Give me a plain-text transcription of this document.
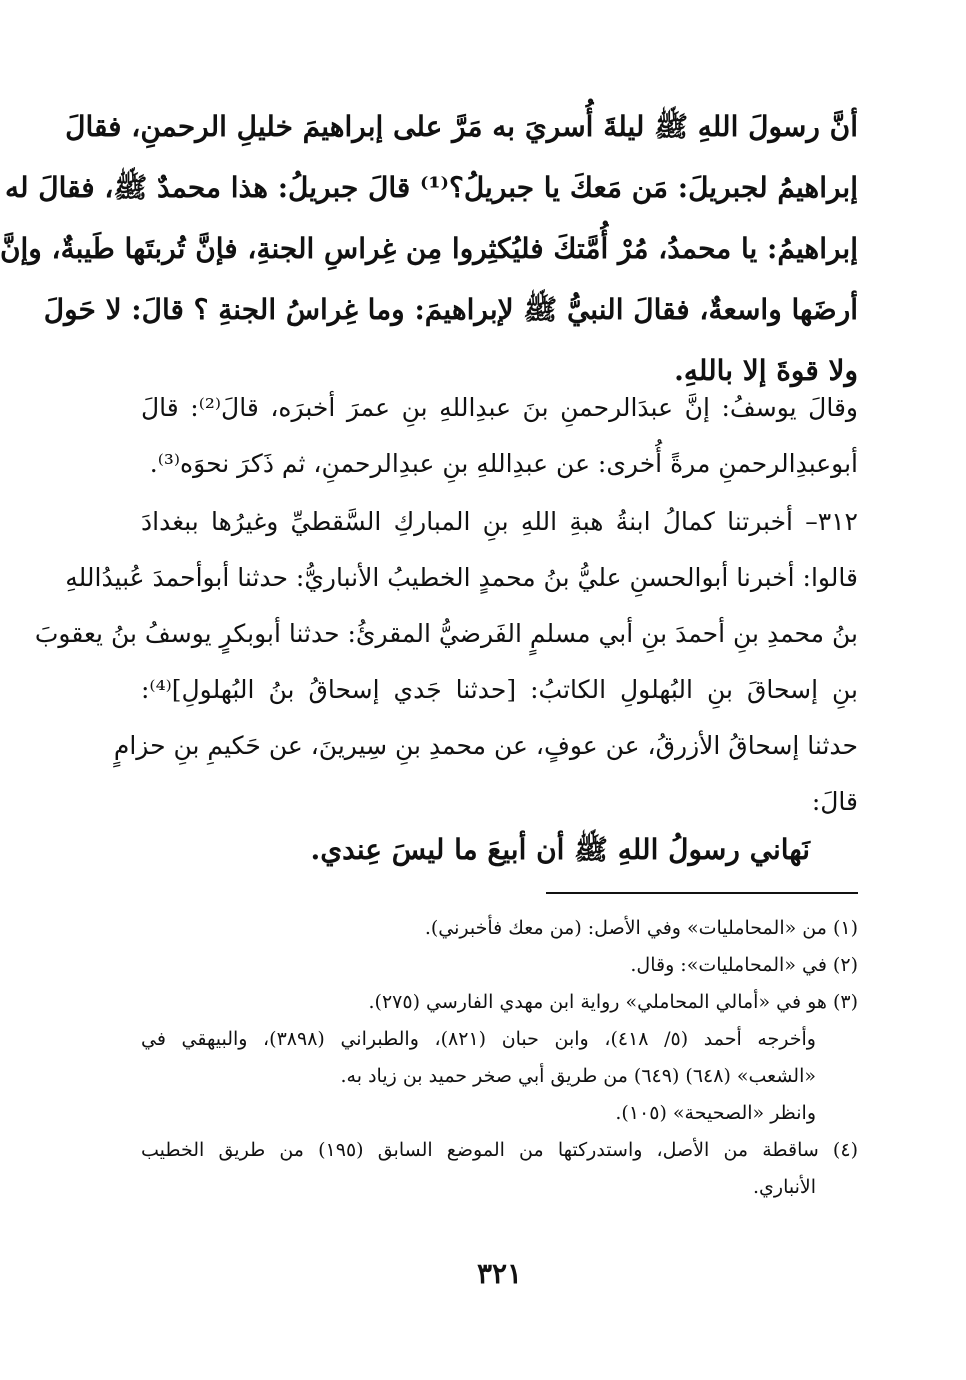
أنَّ رسولَ اللهِ ﷺ ليلةَ أُسريَ به مَرَّ على إبراهيمَ خليلِ الرحمنِ، فقالَ
إبراهيمُ لجبريلَ: مَن مَعكَ يا جبريلُ؟⁽¹⁾ قالَ جبريلُ: هذا محمدٌ ﷺ، فقالَ له
إبراهيمُ: يا محمدُ، مُرْ أُمَّتكَ فليُكثِروا مِن غِراسِ الجنةِ، فإنَّ تُربتَها طَيبةٌ، وإنَّ
أرضَها واسعةٌ، فقالَ النبيُّ ﷺ لإبراهيمَ: وما غِراسُ الجنةِ ؟ قالَ: لا حَولَ
ولا قوةَ إلا باللهِ.
وقالَ يوسفُ: إنَّ عبدَالرحمنِ بنَ عبدِاللهِ بنِ عمرَ أخبرَه، قالَ⁽²⁾: قالَ
أبوعبدِالرحمنِ مرةً أُخرى: عن عبدِاللهِ بنِ عبدِالرحمنِ، ثم ذَكرَ نحوَه⁽³⁾.
٣١٢– أخبرتنا كمالُ ابنةُ هبةِ اللهِ بنِ المباركِ السَّقطيِّ وغيرُها ببغدادَ
قالوا: أخبرنا أبوالحسنِ عليُّ بنُ محمدٍ الخطيبُ الأنباريُّ: حدثنا أبوأحمدَ عُبيدُاللهِ
بنُ محمدِ بنِ أحمدَ بنِ أبي مسلمٍ الفَرضيُّ المقرئُ: حدثنا أبوبكرٍ يوسفُ بنُ يعقوبَ
بنِ إسحاقَ بنِ البُهلولِ الكاتبُ: [حدثنا جَدي إسحاقُ بنُ البُهلولِ]⁽⁴⁾:
حدثنا إسحاقُ الأزرقُ، عن عوفٍ، عن محمدِ بنِ سِيرينَ، عن حَكيمِ بنِ حزامٍ
قالَ:
نَهاني رسولُ اللهِ ﷺ أن أبيعَ ما ليسَ عِندي.
(١) من «المحامليات» وفي الأصل: (من معك فأخبرني).
(٢) في «المحامليات»: وقال.
(٣) هو في «أمالي المحاملي» رواية ابن مهدي الفارسي (٢٧٥).
وأخرجه أحمد (٥/ ٤١٨)، وابن حبان (٨٢١)، والطبراني (٣٨٩٨)، والبيهقي في
«الشعب» (٦٤٨) (٦٤٩) من طريق أبي صخر حميد بن زياد به.
وانظر «الصحيحة» (١٠٥).
(٤) ساقطة من الأصل، واستدركتها من الموضع السابق (١٩٥) من طريق الخطيب
الأنباري.
٣٢١
